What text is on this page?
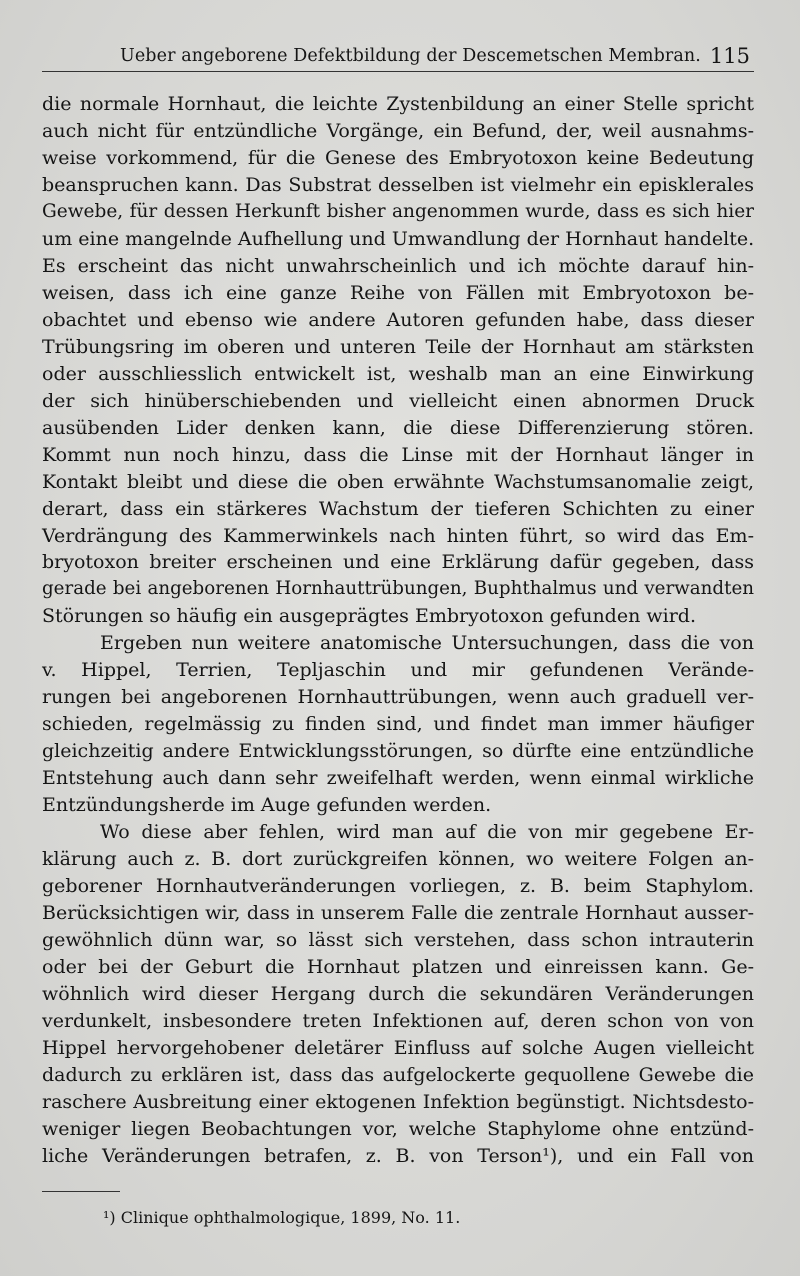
Ueber angeborene Defektbildung der Descemetschen Membran. 115
die normale Hornhaut, die leichte Zystenbildung an einer Stelle spricht
auch nicht für entzündliche Vorgänge, ein Befund, der, weil ausnahms-
weise vorkommend, für die Genese des Embryotoxon keine Bedeutung
beanspruchen kann. Das Substrat desselben ist vielmehr ein episklerales
Gewebe, für dessen Herkunft bisher angenommen wurde, dass es sich hier
um eine mangelnde Aufhellung und Umwandlung der Hornhaut handelte.
Es erscheint das nicht unwahrscheinlich und ich möchte darauf hin-
weisen, dass ich eine ganze Reihe von Fällen mit Embryotoxon be-
obachtet und ebenso wie andere Autoren gefunden habe, dass dieser
Trübungsring im oberen und unteren Teile der Hornhaut am stärksten
oder ausschliesslich entwickelt ist, weshalb man an eine Einwirkung
der sich hinüberschiebenden und vielleicht einen abnormen Druck
ausübenden Lider denken kann, die diese Differenzierung stören.
Kommt nun noch hinzu, dass die Linse mit der Hornhaut länger in
Kontakt bleibt und diese die oben erwähnte Wachstumsanomalie zeigt,
derart, dass ein stärkeres Wachstum der tieferen Schichten zu einer
Verdrängung des Kammerwinkels nach hinten führt, so wird das Em-
bryotoxon breiter erscheinen und eine Erklärung dafür gegeben, dass
gerade bei angeborenen Hornhauttrübungen, Buphthalmus und verwandten
Störungen so häufig ein ausgeprägtes Embryotoxon gefunden wird.
Ergeben nun weitere anatomische Untersuchungen, dass die von
v. Hippel, Terrien, Tepljaschin und mir gefundenen Verände-
rungen bei angeborenen Hornhauttrübungen, wenn auch graduell ver-
schieden, regelmässig zu finden sind, und findet man immer häufiger
gleichzeitig andere Entwicklungsstörungen, so dürfte eine entzündliche
Entstehung auch dann sehr zweifelhaft werden, wenn einmal wirkliche
Entzündungsherde im Auge gefunden werden.
Wo diese aber fehlen, wird man auf die von mir gegebene Er-
klärung auch z. B. dort zurückgreifen können, wo weitere Folgen an-
geborener Hornhautveränderungen vorliegen, z. B. beim Staphylom.
Berücksichtigen wir, dass in unserem Falle die zentrale Hornhaut ausser-
gewöhnlich dünn war, so lässt sich verstehen, dass schon intrauterin
oder bei der Geburt die Hornhaut platzen und einreissen kann. Ge-
wöhnlich wird dieser Hergang durch die sekundären Veränderungen
verdunkelt, insbesondere treten Infektionen auf, deren schon von von
Hippel hervorgehobener deletärer Einfluss auf solche Augen vielleicht
dadurch zu erklären ist, dass das aufgelockerte gequollene Gewebe die
raschere Ausbreitung einer ektogenen Infektion begünstigt. Nichtsdesto-
weniger liegen Beobachtungen vor, welche Staphylome ohne entzünd-
liche Veränderungen betrafen, z. B. von Terson¹), und ein Fall von
¹) Clinique ophthalmologique, 1899, No. 11.
